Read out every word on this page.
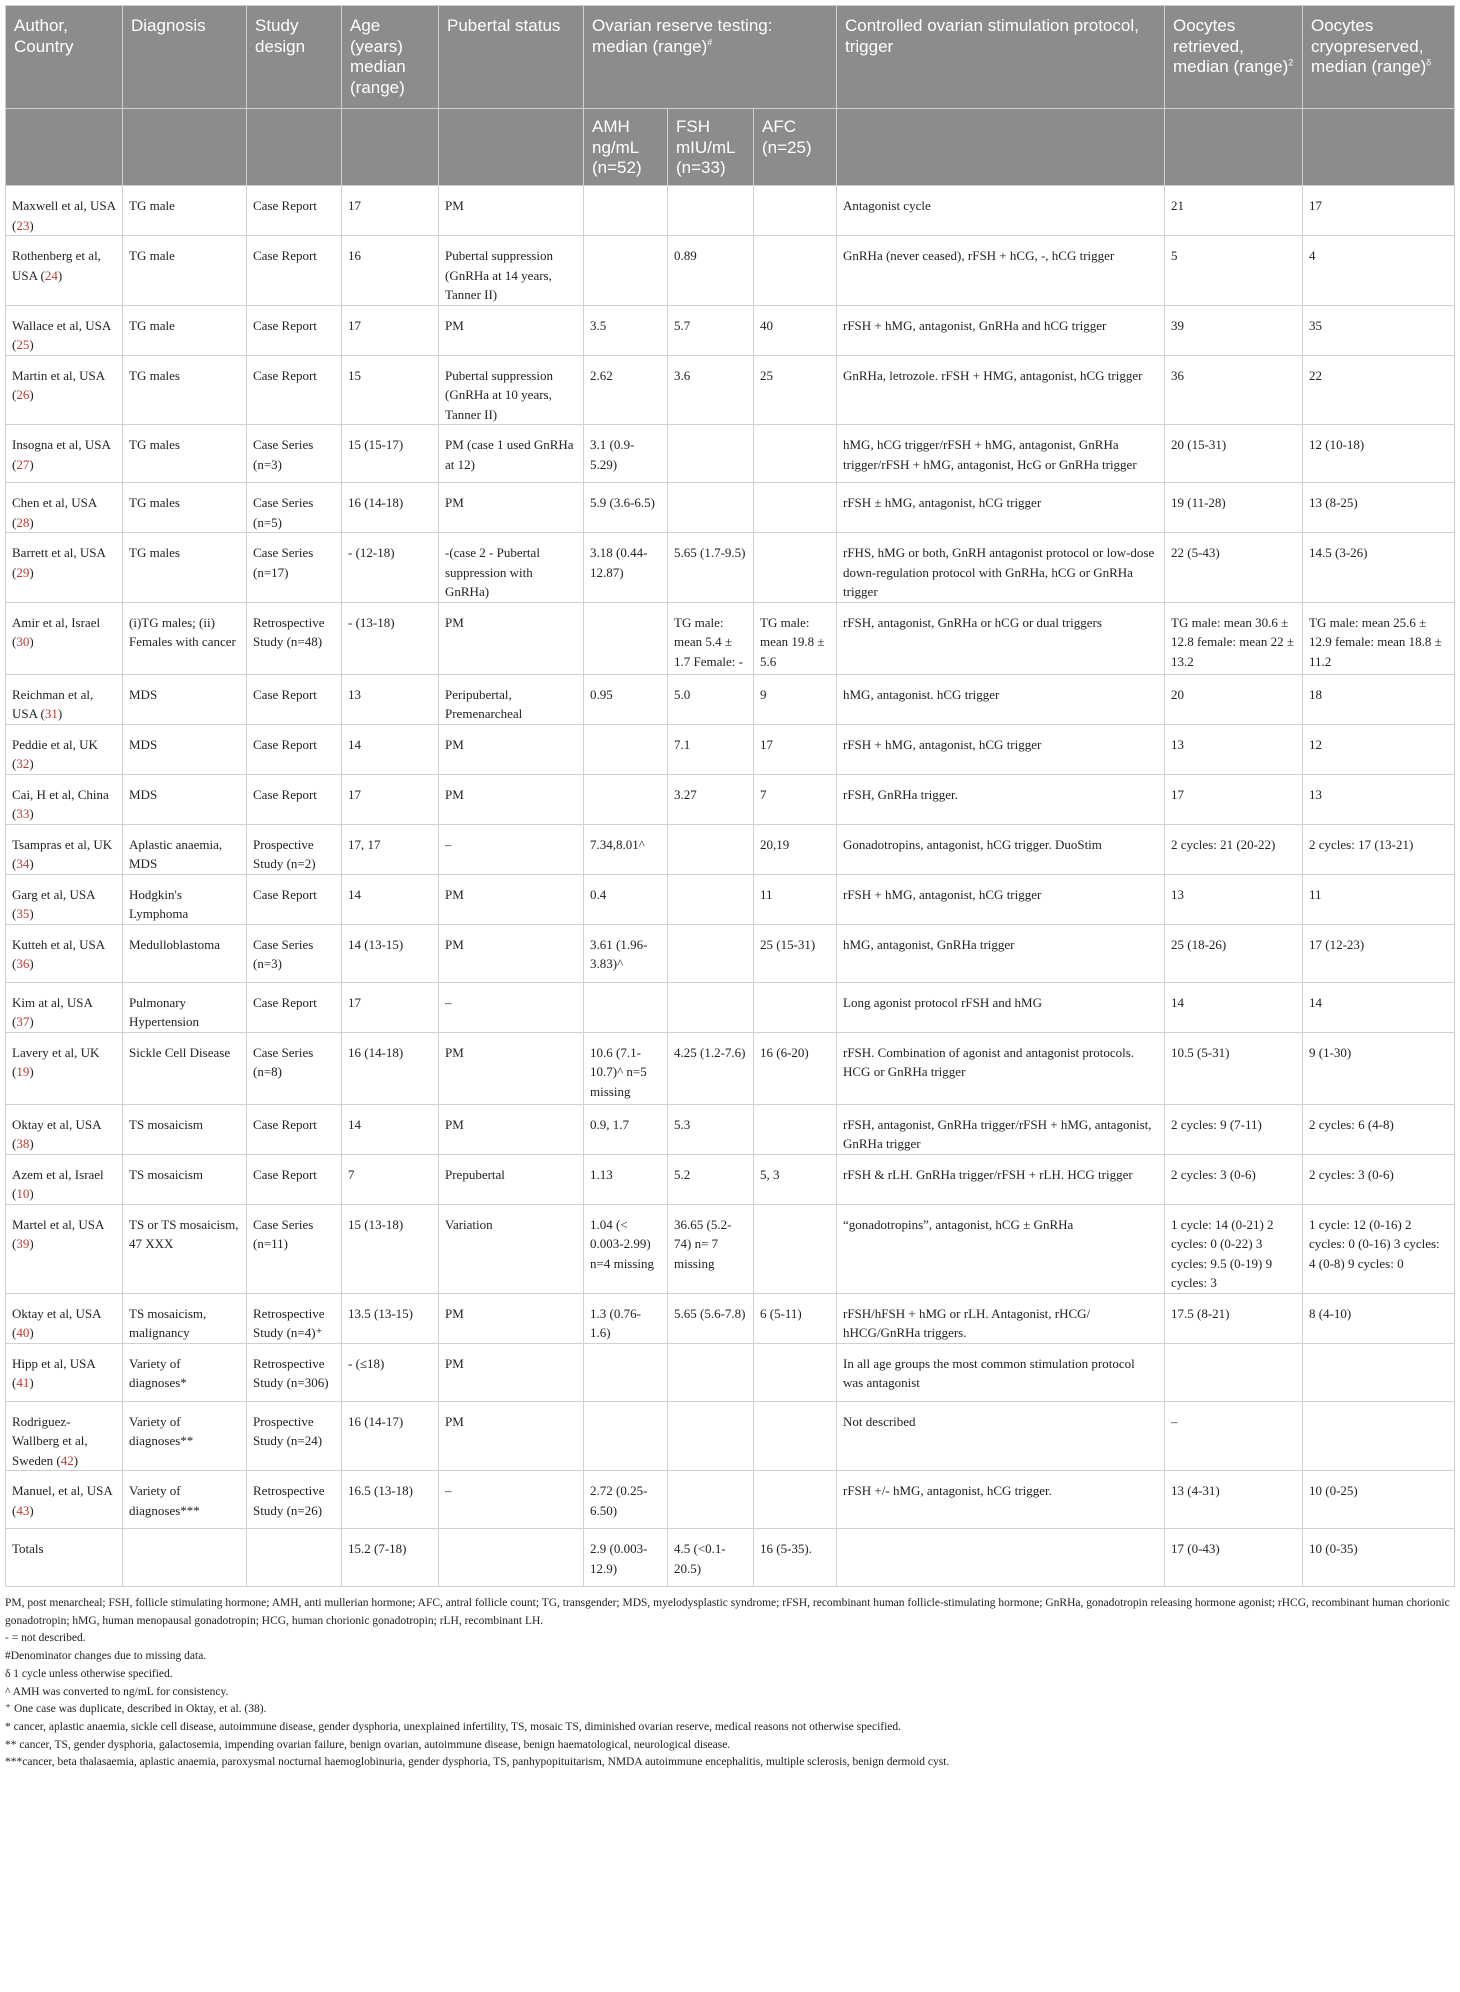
Author, Country	Diagnosis	Study design	Age (years) median (range)	Pubertal status	Ovarian reserve testing: median (range)#			Controlled ovarian stimulation protocol, trigger	Oocytes retrieved, median (range)$^2$	Oocytes cryopreserved, median (range)$^\delta$
					AMH ng/mL (n=52)	FSH mIU/mL (n=33)	AFC (n=25)			
Maxwell et al, USA (23)	TG male	Case Report	17	PM				Antagonist cycle	21	17
Rothenberg et al, USA (24)	TG male	Case Report	16	Pubertal suppression (GnRHa at 14 years, Tanner II)		0.89		GnRHa (never ceased), rFSH + hCG, -, hCG trigger	5	4
Wallace et al, USA (25)	TG male	Case Report	17	PM	3.5	5.7	40	rFSH + hMG, antagonist, GnRHa and hCG trigger	39	35
Martin et al, USA (26)	TG males	Case Report	15	Pubertal suppression (GnRHa at 10 years, Tanner II)	2.62	3.6	25	GnRHa, letrozole. rFSH + HMG, antagonist, hCG trigger	36	22
Insogna et al, USA (27)	TG males	Case Series (n=3)	15 (15-17)	PM (case 1 used GnRHa at 12)	3.1 (0.9-5.29)			hMG, hCG trigger/rFSH + hMG, antagonist, GnRHa trigger/rFSH + hMG, antagonist, HcG or GnRHa trigger	20 (15-31)	12 (10-18)
Chen et al, USA (28)	TG males	Case Series (n=5)	16 (14-18)	PM	5.9 (3.6-6.5)			rFSH ± hMG, antagonist, hCG trigger	19 (11-28)	13 (8-25)
Barrett et al, USA (29)	TG males	Case Series (n=17)	- (12-18)	-(case 2 - Pubertal suppression with GnRHa)	3.18 (0.44-12.87)	5.65 (1.7-9.5)		rFHS, hMG or both, GnRH antagonist protocol or low-dose down-regulation protocol with GnRHa, hCG or GnRHa trigger	22 (5-43)	14.5 (3-26)
Amir et al, Israel (30)	(i)TG males; (ii) Females with cancer	Retrospective Study (n=48)	- (13-18)	PM		TG male: mean 5.4 ± 1.7 Female: -	TG male: mean 19.8 ± 5.6	rFSH, antagonist, GnRHa or hCG or dual triggers	TG male: mean 30.6 ± 12.8 female: mean 22 ± 13.2	TG male: mean 25.6 ± 12.9 female: mean 18.8 ± 11.2
Reichman et al, USA (31)	MDS	Case Report	13	Peripubertal, Premenarcheal	0.95	5.0	9	hMG, antagonist. hCG trigger	20	18
Peddie et al, UK (32)	MDS	Case Report	14	PM		7.1	17	rFSH + hMG, antagonist, hCG trigger	13	12
Cai, H et al, China (33)	MDS	Case Report	17	PM		3.27	7	rFSH, GnRHa trigger.	17	13
Tsampras et al, UK (34)	Aplastic anaemia, MDS	Prospective Study (n=2)	17, 17	–	7.34,8.01^		20,19	Gonadotropins, antagonist, hCG trigger. DuoStim	2 cycles: 21 (20-22)	2 cycles: 17 (13-21)
Garg et al, USA (35)	Hodgkin's Lymphoma	Case Report	14	PM	0.4		11	rFSH + hMG, antagonist, hCG trigger	13	11
Kutteh et al, USA (36)	Medulloblastoma	Case Series (n=3)	14 (13-15)	PM	3.61 (1.96-3.83)^		25 (15-31)	hMG, antagonist, GnRHa trigger	25 (18-26)	17 (12-23)
Kim at al, USA (37)	Pulmonary Hypertension	Case Report	17	–				Long agonist protocol rFSH and hMG	14	14
Lavery et al, UK (19)	Sickle Cell Disease	Case Series (n=8)	16 (14-18)	PM	10.6 (7.1-10.7)^ n=5 missing	4.25 (1.2-7.6)	16 (6-20)	rFSH. Combination of agonist and antagonist protocols. HCG or GnRHa trigger	10.5 (5-31)	9 (1-30)
Oktay et al, USA (38)	TS mosaicism	Case Report	14	PM	0.9, 1.7	5.3		rFSH, antagonist, GnRHa trigger/rFSH + hMG, antagonist, GnRHa trigger	2 cycles: 9 (7-11)	2 cycles: 6 (4-8)
Azem et al, Israel (10)	TS mosaicism	Case Report	7	Prepubertal	1.13	5.2	5, 3	rFSH & rLH. GnRHa trigger/rFSH + rLH. HCG trigger	2 cycles: 3 (0-6)	2 cycles: 3 (0-6)
Martel et al, USA (39)	TS or TS mosaicism, 47 XXX	Case Series (n=11)	15 (13-18)	Variation	1.04 (< 0.003-2.99) n=4 missing	36.65 (5.2-74) n= 7 missing		“gonadotropins”, antagonist, hCG ± GnRHa	1 cycle: 14 (0-21) 2 cycles: 0 (0-22) 3 cycles: 9.5 (0-19) 9 cycles: 3	1 cycle: 12 (0-16) 2 cycles: 0 (0-16) 3 cycles: 4 (0-8) 9 cycles: 0
Oktay et al, USA (40)	TS mosaicism, malignancy	Retrospective Study (n=4)⁺	13.5 (13-15)	PM	1.3 (0.76-1.6)	5.65 (5.6-7.8)	6 (5-11)	rFSH/hFSH + hMG or rLH. Antagonist, rHCG/ hHCG/GnRHa triggers.	17.5 (8-21)	8 (4-10)
Hipp et al, USA (41)	Variety of diagnoses*	Retrospective Study (n=306)	- (≤18)	PM				In all age groups the most common stimulation protocol was antagonist		
Rodriguez-Wallberg et al, Sweden (42)	Variety of diagnoses**	Prospective Study (n=24)	16 (14-17)	PM				Not described	–	
Manuel, et al, USA (43)	Variety of diagnoses***	Retrospective Study (n=26)	16.5 (13-18)	–	2.72 (0.25-6.50)			rFSH +/- hMG, antagonist, hCG trigger.	13 (4-31)	10 (0-25)
Totals			15.2 (7-18)		2.9 (0.003-12.9)	4.5 (<0.1-20.5)	16 (5-35).		17 (0-43)	10 (0-35)
PM, post menarcheal; FSH, follicle stimulating hormone; AMH, anti mullerian hormone; AFC, antral follicle count; TG, transgender; MDS, myelodysplastic syndrome; rFSH, recombinant human follicle-stimulating hormone; GnRHa, gonadotropin releasing hormone agonist; rHCG, recombinant human chorionic gonadotropin; hMG, human menopausal gonadotropin; HCG, human chorionic gonadotropin; rLH, recombinant LH.
- = not described.
#Denominator changes due to missing data.
δ 1 cycle unless otherwise specified.
^ AMH was converted to ng/mL for consistency.
⁺ One case was duplicate, described in Oktay, et al. (38).
* cancer, aplastic anaemia, sickle cell disease, autoimmune disease, gender dysphoria, unexplained infertility, TS, mosaic TS, diminished ovarian reserve, medical reasons not otherwise specified.
** cancer, TS, gender dysphoria, galactosemia, impending ovarian failure, benign ovarian, autoimmune disease, benign haematological, neurological disease.
***cancer, beta thalasaemia, aplastic anaemia, paroxysmal nocturnal haemoglobinuria, gender dysphoria, TS, panhypopituitarism, NMDA autoimmune encephalitis, multiple sclerosis, benign dermoid cyst.
